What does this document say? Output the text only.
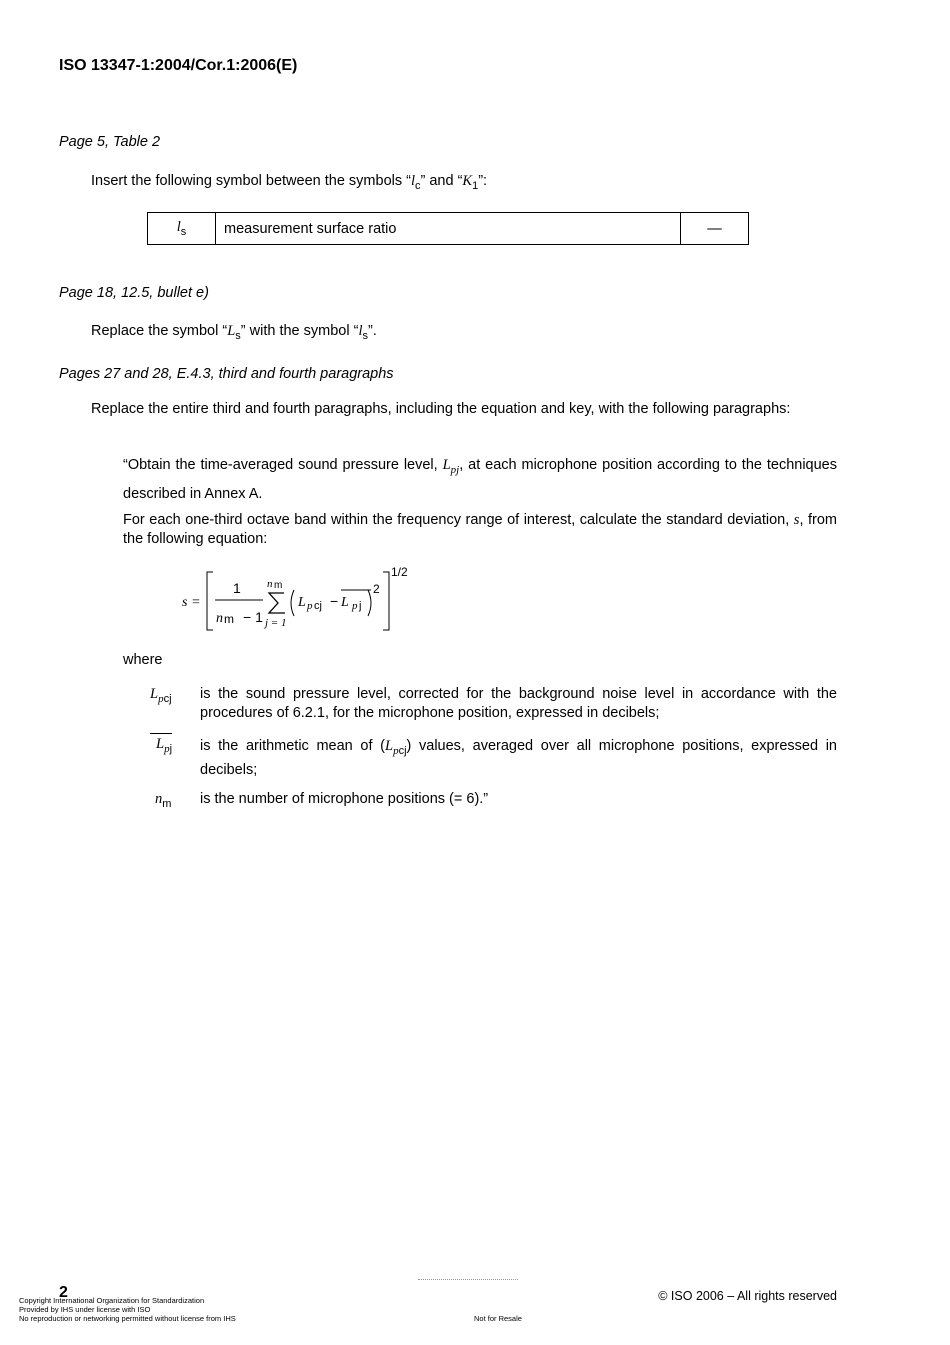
ISO 13347-1:2004/Cor.1:2006(E)
Page 5, Table 2
Insert the following symbol between the symbols “$l_c$” and “$K_1$”:
$l_s$	measurement surface ratio	—
Page 18, 12.5, bullet e)
Replace the symbol “$L_s$” with the symbol “$l_s$”.
Pages 27 and 28, E.4.3, third and fourth paragraphs
Replace the entire third and fourth paragraphs, including the equation and key, with the following paragraphs:
“Obtain the time-averaged sound pressure level, $L_{pj}$, at each microphone position according to the techniques described in Annex A.
For each one-third octave band within the frequency range of interest, calculate the standard deviation, s, from the following equation:
s =
1
n m − 1
n m
j = 1
L p cj − L p j
2
1/2
where
$L_{pcj}$	is the sound pressure level, corrected for the background noise level in accordance with the procedures of 6.2.1, for the microphone position, expressed in decibels;
$L_{pj}$	is the arithmetic mean of $(L_{pcj})$ values, averaged over all microphone positions, expressed in decibels;
$n_m$	is the number of microphone positions (= 6).”
2	© ISO 2006 – All rights reserved
Copyright International Organization for Standardization
Provided by IHS under license with ISO
No reproduction or networking permitted without license from IHS	Not for Resale
